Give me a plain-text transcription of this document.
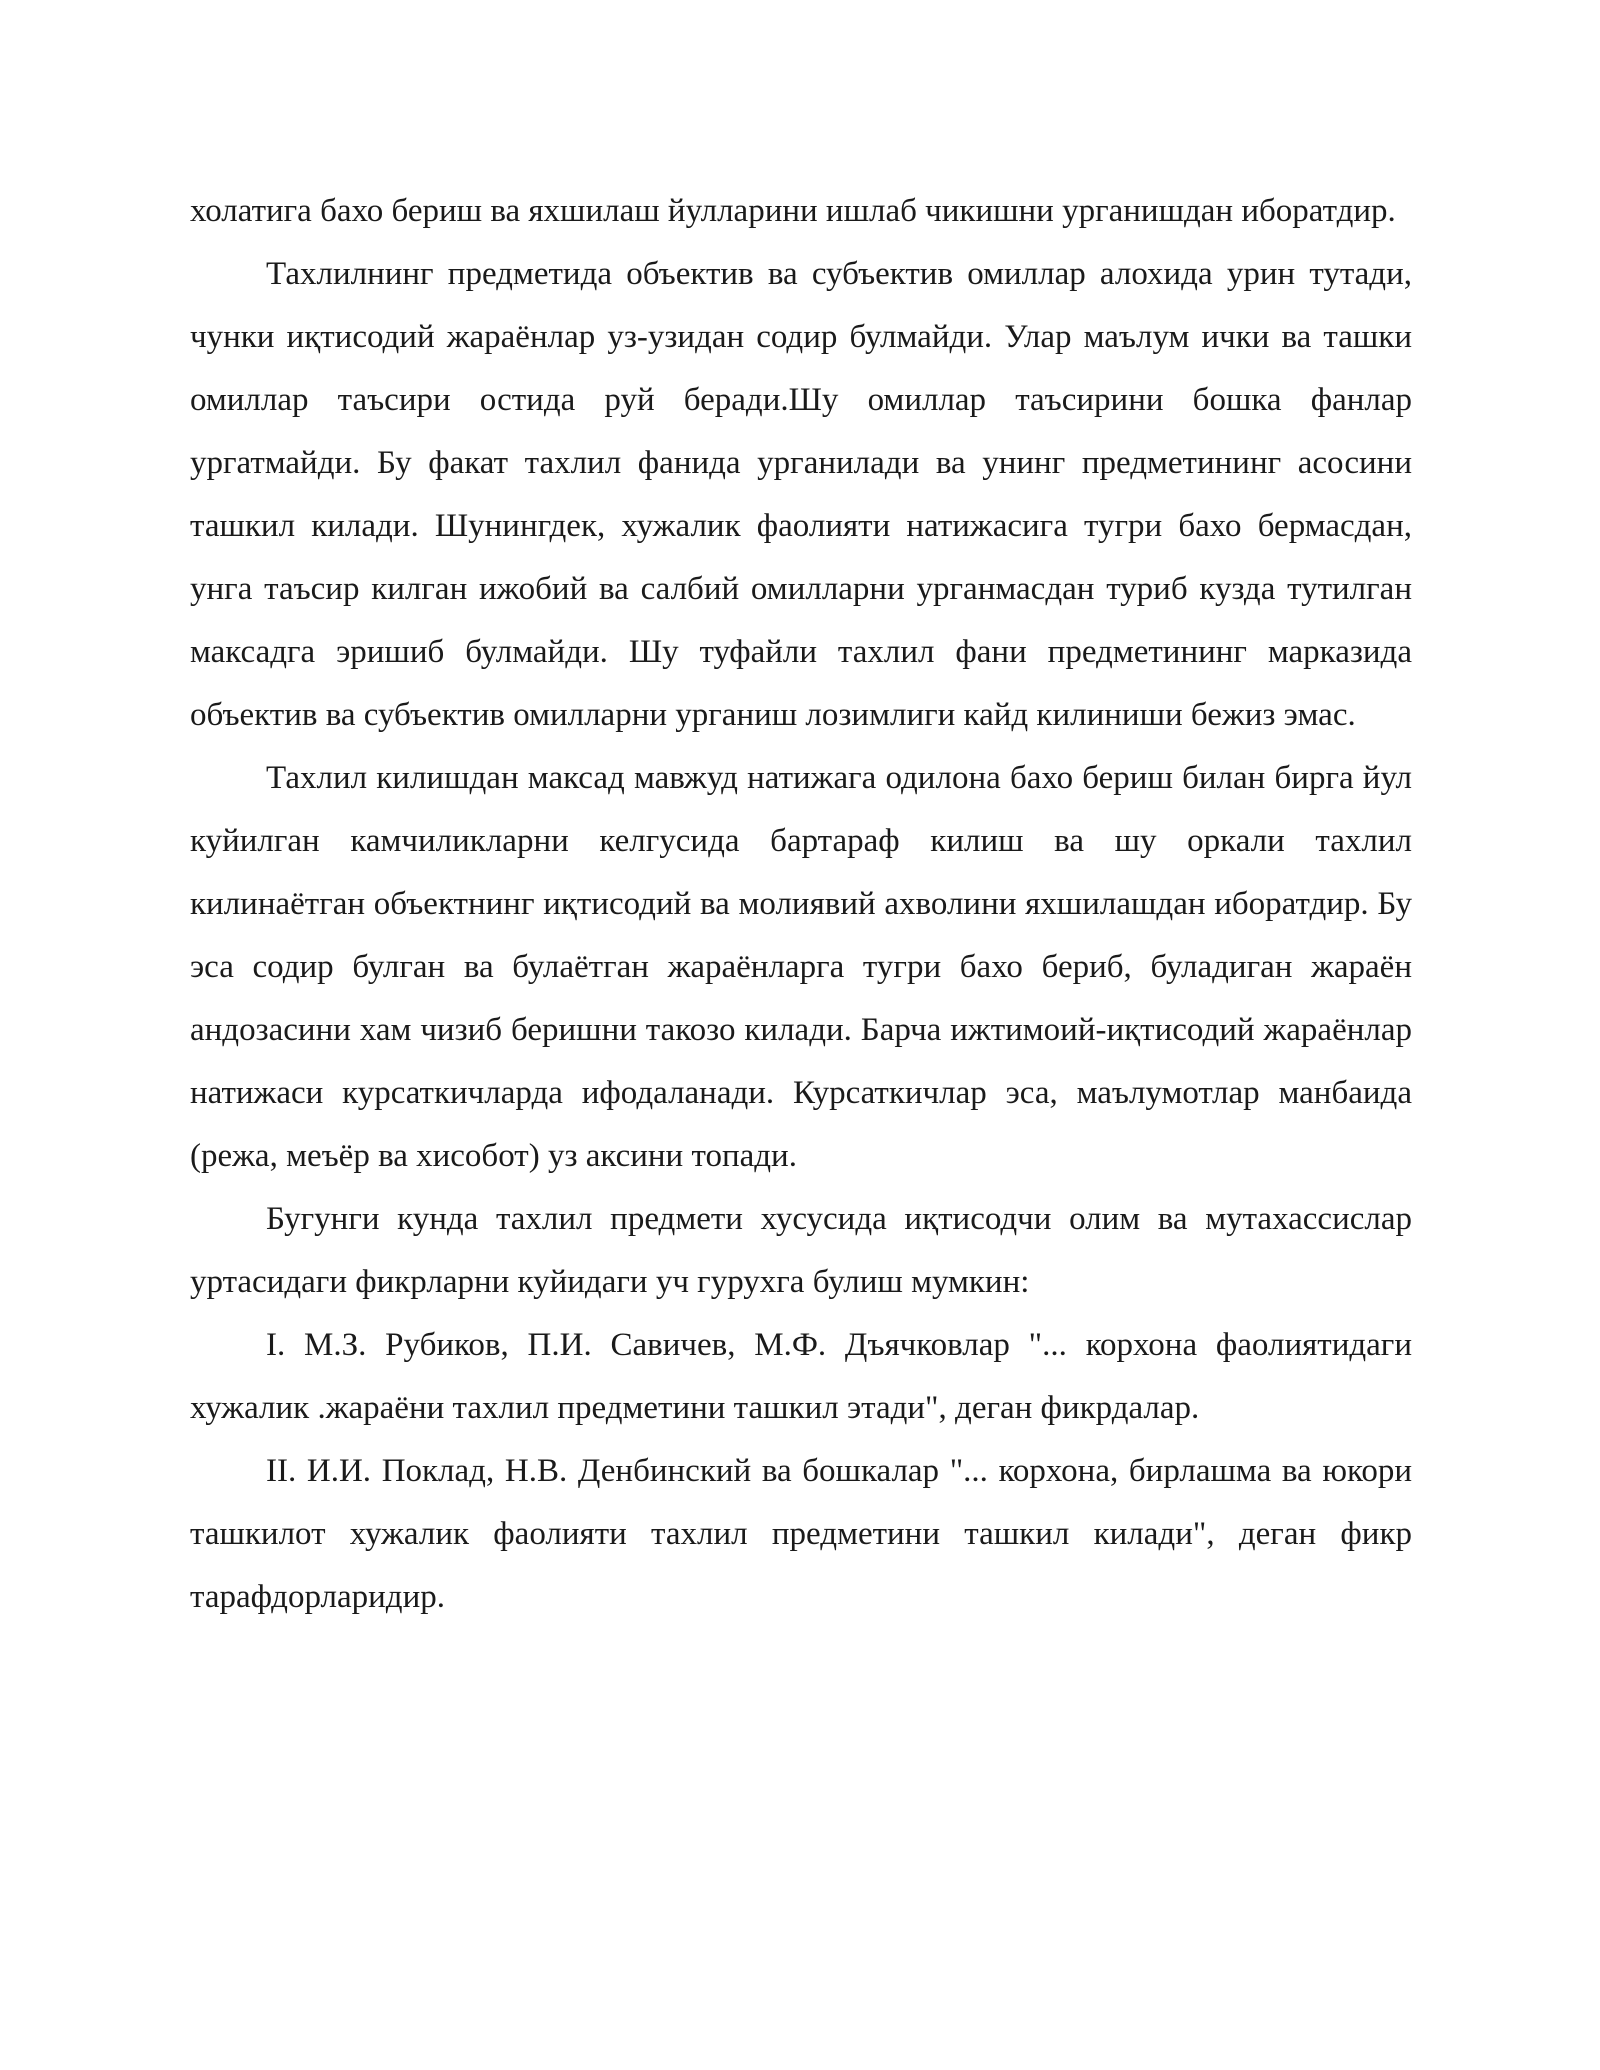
холатига бахо бериш ва яхшилаш йулларини ишлаб чикишни урганишдан иборатдир.

Тахлилнинг предметида объектив ва субъектив омиллар алохида урин тутади, чунки иқтисодий жараёнлар уз-узидан содир булмайди. Улар маълум ички ва ташки омиллар таъсири остида руй беради.Шу омиллар таъсирини бошка фанлар ургатмайди. Бу факат тахлил фанида урганилади ва унинг предметининг асосини ташкил килади. Шунингдек, хужалик фаолияти натижасига тугри бахо бермасдан, унга таъсир килган ижобий ва салбий омилларни урганмасдан туриб кузда тутилган максадга эришиб булмайди. Шу туфайли тахлил фани предметининг марказида объектив ва субъектив омилларни урганиш лозимлиги кайд килиниши бежиз эмас.

Тахлил килишдан максад мавжуд натижага одилона бахо бериш билан бирга йул куйилган камчиликларни келгусида бартараф килиш ва шу оркали тахлил килинаётган объектнинг иқтисодий ва молиявий ахволини яхшилашдан иборатдир. Бу эса содир булган ва булаётган жараёнларга тугри бахо бериб, буладиган жараён андозасини хам чизиб беришни такозо килади. Барча ижтимоий-иқтисодий жараёнлар натижаси курсаткичларда ифодаланади. Курсаткичлар эса, маълумотлар манбаида (режа, меъёр ва хисобот) уз аксини топади.

Бугунги кунда тахлил предмети хусусида иқтисодчи олим ва мутахассислар уртасидаги фикрларни куйидаги уч гурухга булиш мумкин:

I. М.З. Рубиков, П.И. Савичев, М.Ф. Дъячковлар "... корхона фаолиятидаги хужалик .жараёни тахлил предметини ташкил этади", деган фикрдалар.

II. И.И. Поклад, Н.В. Денбинский ва бошкалар "... корхона, бирлашма ва юкори ташкилот хужалик фаолияти тахлил предметини ташкил килади", деган фикр тарафдорларидир.
